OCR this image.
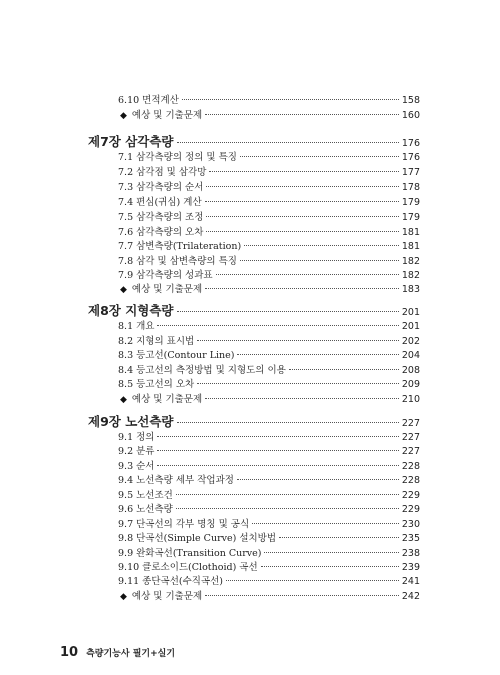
6.10 면적계산	158
◆ 예상 및 기출문제	160
제7장 삼각측량	176
7.1 삼각측량의 정의 및 특징	176
7.2 삼각점 및 삼각망	177
7.3 삼각측량의 순서	178
7.4 편심(귀심) 계산	179
7.5 삼각측량의 조정	179
7.6 삼각측량의 오차	181
7.7 삼변측량(Trilateration)	181
7.8 삼각 및 삼변측량의 특징	182
7.9 삼각측량의 성과표	182
◆ 예상 및 기출문제	183
제8장 지형측량	201
8.1 개요	201
8.2 지형의 표시법	202
8.3 등고선(Contour Line)	204
8.4 등고선의 측정방법 및 지형도의 이용	208
8.5 등고선의 오차	209
◆ 예상 및 기출문제	210
제9장 노선측량	227
9.1 정의	227
9.2 분류	227
9.3 순서	228
9.4 노선측량 세부 작업과정	228
9.5 노선조건	229
9.6 노선측량	229
9.7 단곡선의 각부 명칭 및 공식	230
9.8 단곡선(Simple Curve) 설치방법	235
9.9 완화곡선(Transition Curve)	238
9.10 클로소이드(Clothoid) 곡선	239
9.11 종단곡선(수직곡선)	241
◆ 예상 및 기출문제	242
10 측량기능사 필기+실기
